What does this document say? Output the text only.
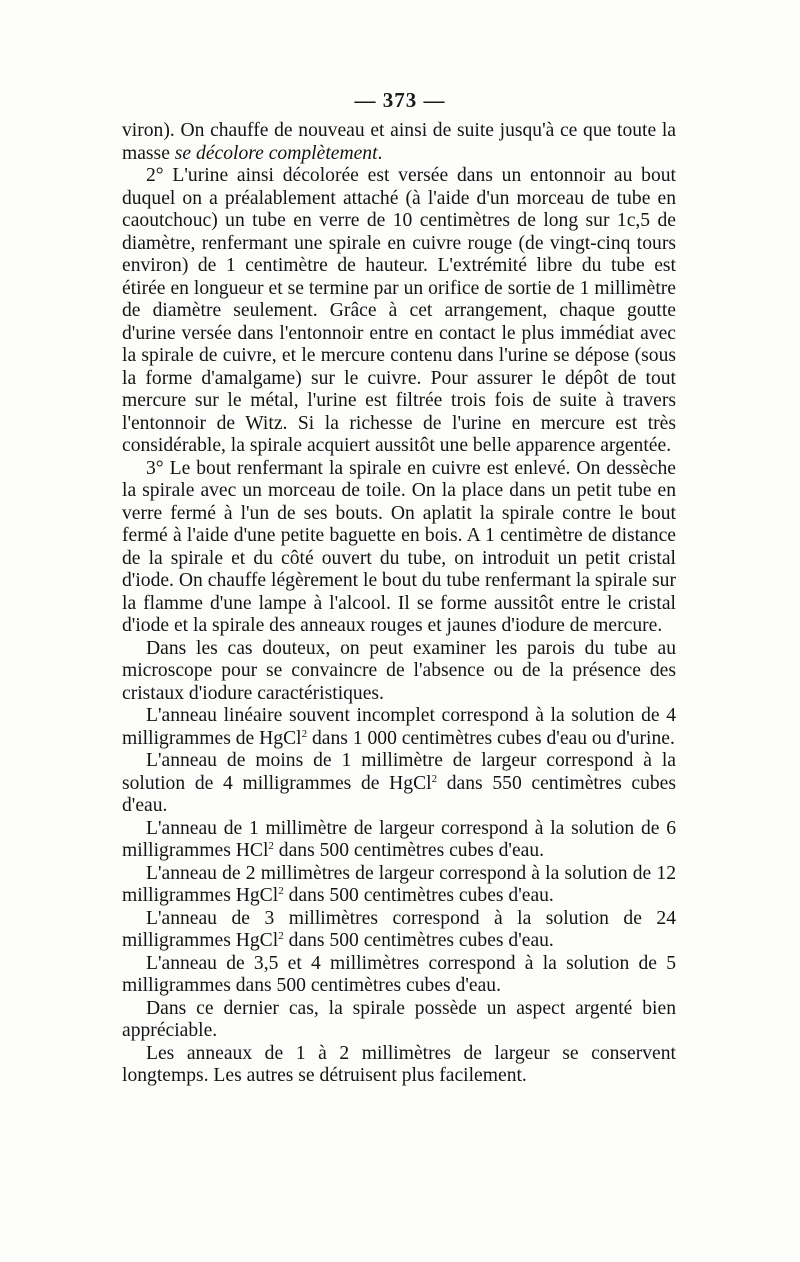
— 373 —

viron). On chauffe de nouveau et ainsi de suite jusqu'à ce que toute la masse se décolore complètement.

2° L'urine ainsi décolorée est versée dans un entonnoir au bout duquel on a préalablement attaché (à l'aide d'un morceau de tube en caoutchouc) un tube en verre de 10 centimètres de long sur 1c,5 de diamètre, renfermant une spirale en cuivre rouge (de vingt-cinq tours environ) de 1 centimètre de hauteur. L'extrémité libre du tube est étirée en longueur et se termine par un orifice de sortie de 1 millimètre de diamètre seulement. Grâce à cet arrangement, chaque goutte d'urine versée dans l'entonnoir entre en contact le plus immédiat avec la spirale de cuivre, et le mercure contenu dans l'urine se dépose (sous la forme d'amalgame) sur le cuivre. Pour assurer le dépôt de tout mercure sur le métal, l'urine est filtrée trois fois de suite à travers l'entonnoir de Witz. Si la richesse de l'urine en mercure est très considérable, la spirale acquiert aussitôt une belle apparence argentée.

3° Le bout renfermant la spirale en cuivre est enlevé. On dessèche la spirale avec un morceau de toile. On la place dans un petit tube en verre fermé à l'un de ses bouts. On aplatit la spirale contre le bout fermé à l'aide d'une petite baguette en bois. A 1 centimètre de distance de la spirale et du côté ouvert du tube, on introduit un petit cristal d'iode. On chauffe légèrement le bout du tube renfermant la spirale sur la flamme d'une lampe à l'alcool. Il se forme aussitôt entre le cristal d'iode et la spirale des anneaux rouges et jaunes d'iodure de mercure.

Dans les cas douteux, on peut examiner les parois du tube au microscope pour se convaincre de l'absence ou de la présence des cristaux d'iodure caractéristiques.

L'anneau linéaire souvent incomplet correspond à la solution de 4 milligrammes de HgCl$^2$ dans 1 000 centimètres cubes d'eau ou d'urine.

L'anneau de moins de 1 millimètre de largeur correspond à la solution de 4 milligrammes de HgCl$^2$ dans 550 centimètres cubes d'eau.

L'anneau de 1 millimètre de largeur correspond à la solution de 6 milligrammes HCl$^2$ dans 500 centimètres cubes d'eau.

L'anneau de 2 millimètres de largeur correspond à la solution de 12 milligrammes HgCl$^2$ dans 500 centimètres cubes d'eau.

L'anneau de 3 millimètres correspond à la solution de 24 milligrammes HgCl$^2$ dans 500 centimètres cubes d'eau.

L'anneau de 3,5 et 4 millimètres correspond à la solution de 5 milligrammes dans 500 centimètres cubes d'eau.

Dans ce dernier cas, la spirale possède un aspect argenté bien appréciable.

Les anneaux de 1 à 2 millimètres de largeur se conservent longtemps. Les autres se détruisent plus facilement.
